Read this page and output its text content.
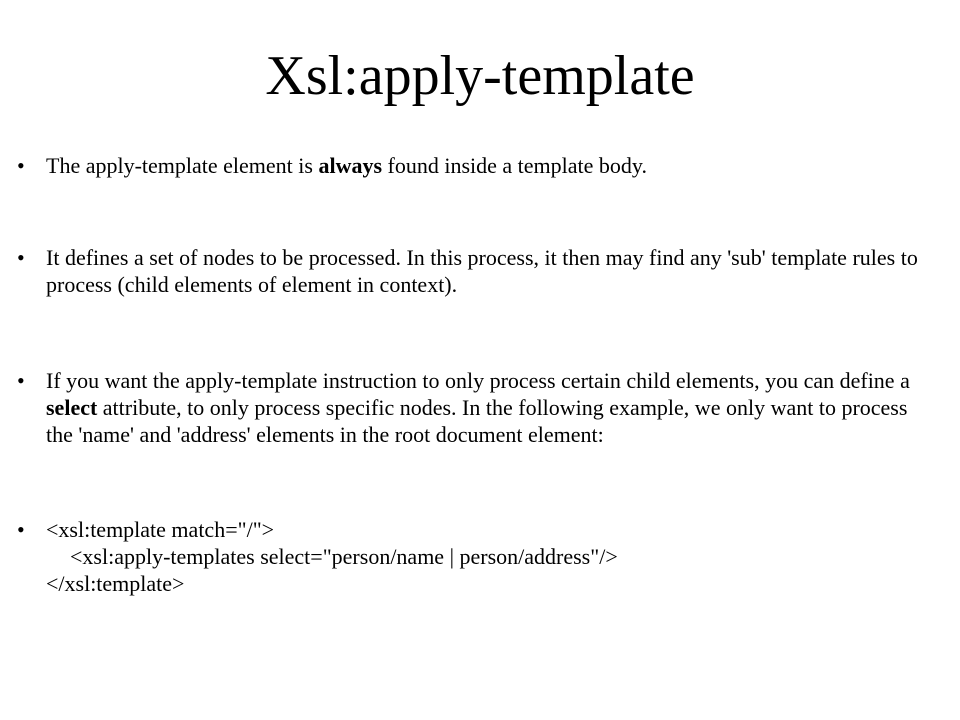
Xsl:apply-template
• The apply-template element is always found inside a template body.
• It defines a set of nodes to be processed. In this process, it then may find any 'sub' template rules to process (child elements of element in context).
• If you want the apply-template instruction to only process certain child elements, you can define a select attribute, to only process specific nodes. In the following example, we only want to process the 'name' and 'address' elements in the root document element:
• <xsl:template match="/">
<xsl:apply-templates select="person/name | person/address"/>
</xsl:template>
